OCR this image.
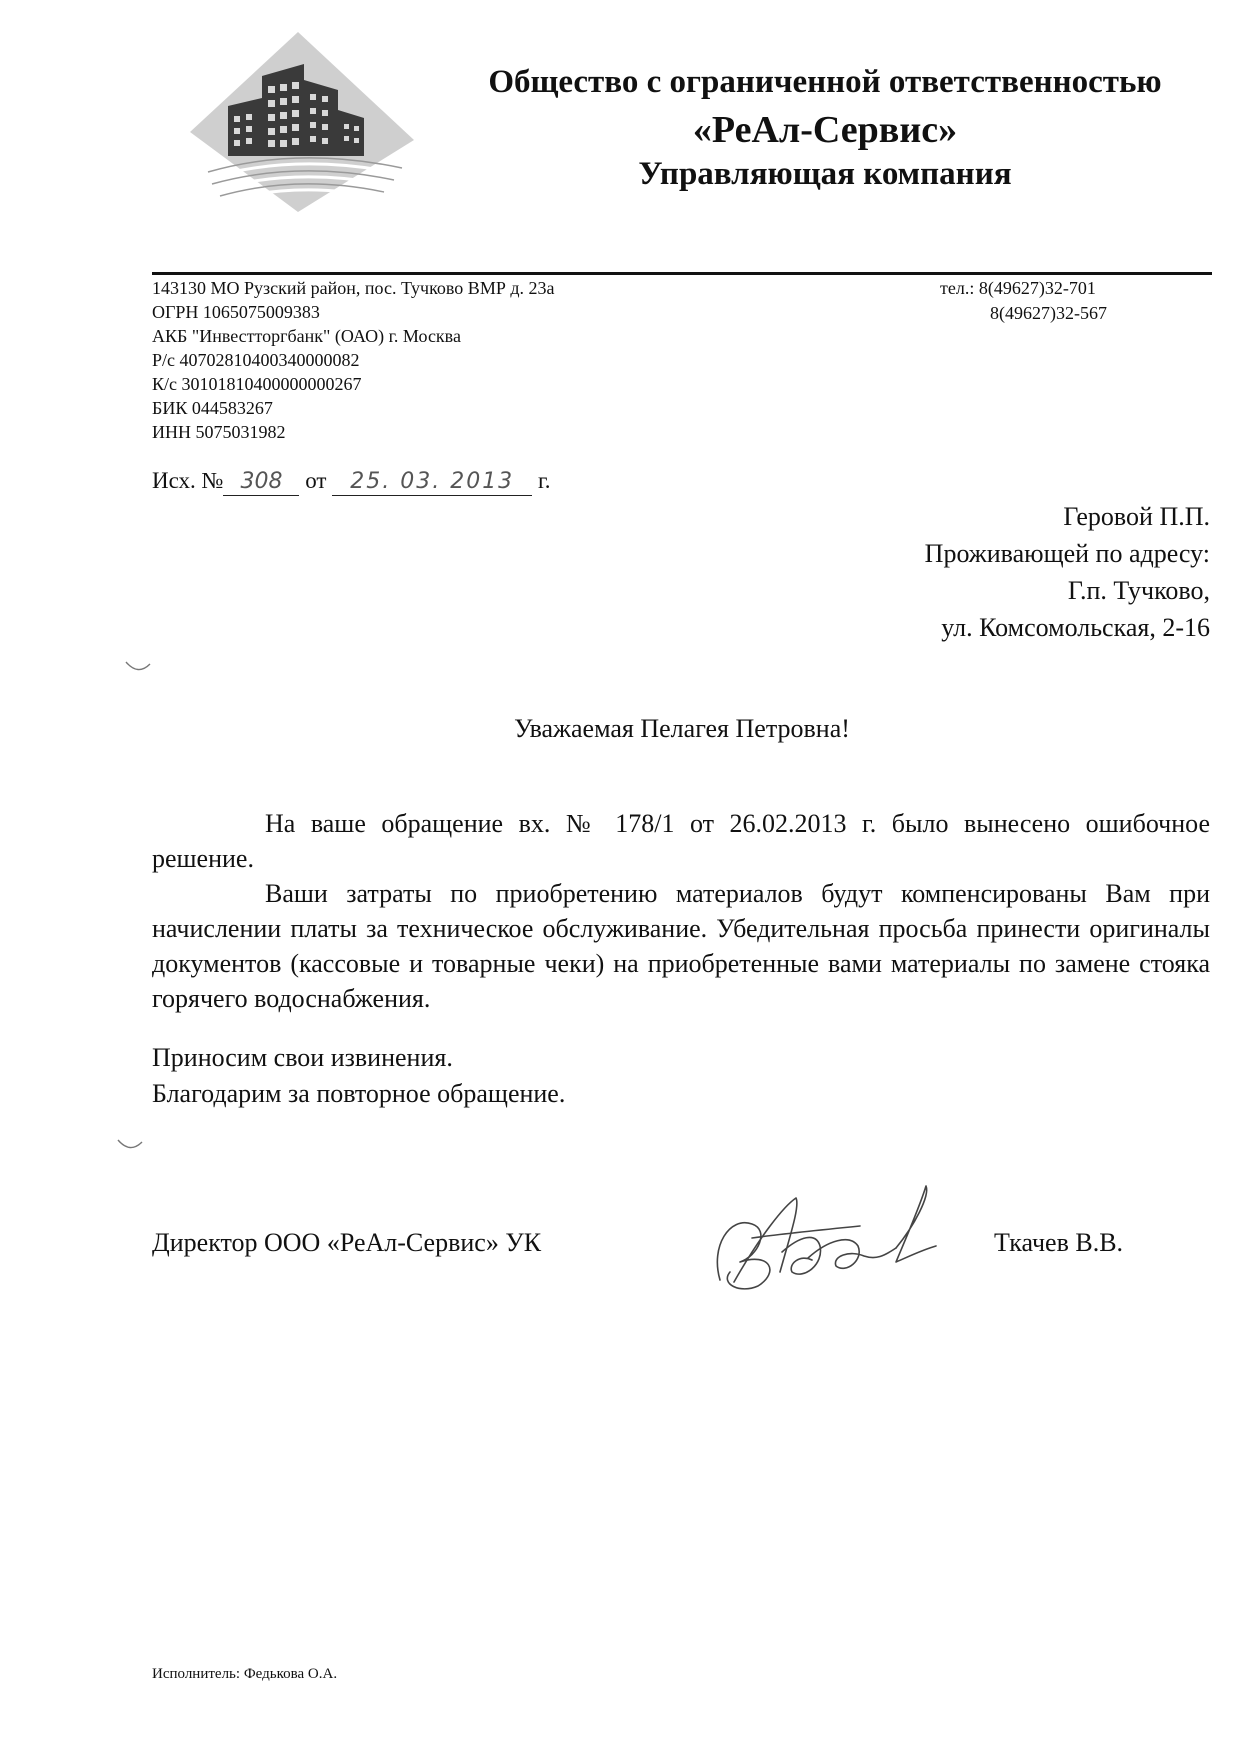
Общество с ограниченной ответственностью
«РеАл-Сервис»
Управляющая компания
143130 МО Рузский район, пос. Тучково ВМР д. 23а
ОГРН 1065075009383
АКБ "Инвестторгбанк" (ОАО) г. Москва
Р/с 40702810400340000082
К/с 30101810400000000267
БИК 044583267
ИНН 5075031982
тел.: 8(49627)32-701
8(49627)32-567
Исх. № 308 от 25. 03. 2013 г.
Геровой П.П.
Проживающей по адресу:
Г.п. Тучково,
ул. Комсомольская, 2-16
Уважаемая Пелагея Петровна!

На ваше обращение вх. № 178/1 от 26.02.2013 г. было вынесено ошибочное решение.

Ваши затраты по приобретению материалов будут компенсированы Вам при начислении платы за техническое обслуживание. Убедительная просьба принести оригиналы документов (кассовые и товарные чеки) на приобретенные вами материалы по замене стояка горячего водоснабжения.

Приносим свои извинения.
Благодарим за повторное обращение.
Директор ООО «РеАл-Сервис» УК	Ткачев В.В.
Исполнитель: Федькова О.А.
